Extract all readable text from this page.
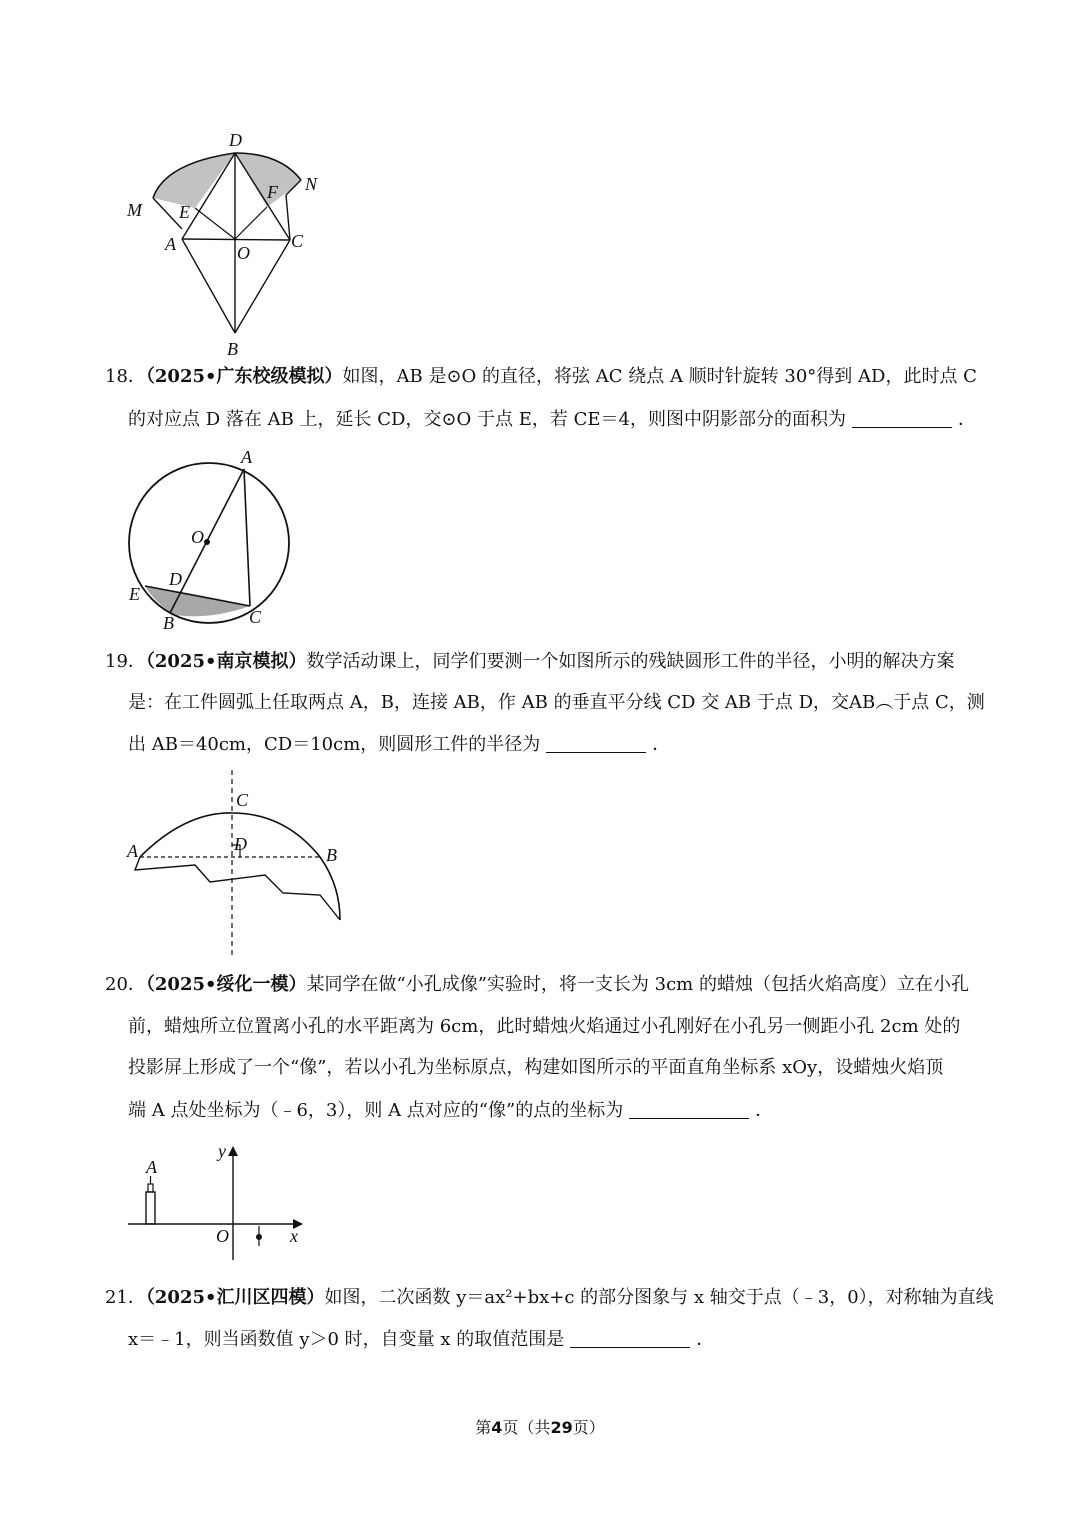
D
N
M E
F
A	O
C
B
18．（2025•广东校级模拟）如图，AB 是⊙O 的直径，将弦 AC 绕点 A 顺时针旋转 30°得到 AD，此时点 C
的对应点 D 落在 AB 上，延长 CD，交⊙O 于点 E，若 CE＝4，则图中阴影部分的面积为	．
A
O
D
E
B	C
19．（2025•南京模拟）数学活动课上，同学们要测一个如图所示的残缺圆形工件的半径，小明的解决方案
是：在工件圆弧上任取两点 A，B，连接 AB，作 AB 的垂直平分线 CD 交 AB 于点 D，交AB︵于点 C，测
出 AB＝40cm，CD＝10cm，则圆形工件的半径为	．
C
D
A	B
20．（2025•绥化一模）某同学在做“小孔成像”实验时，将一支长为 3cm 的蜡烛（包括火焰高度）立在小孔
前，蜡烛所立位置离小孔的水平距离为 6cm，此时蜡烛火焰通过小孔刚好在小孔另一侧距小孔 2cm 处的
投影屏上形成了一个“像”，若以小孔为坐标原点，构建如图所示的平面直角坐标系 xOy，设蜡烛火焰顶
端 A 点处坐标为（﹣6，3），则 A 点对应的“像”的点的坐标为	．
y
A
O	x
21．（2025•汇川区四模）如图，二次函数 y＝ax²+bx+c 的部分图象与 x 轴交于点（﹣3，0），对称轴为直线
x＝﹣1，则当函数值 y＞0 时，自变量 x 的取值范围是	．
第4页（共29页）
